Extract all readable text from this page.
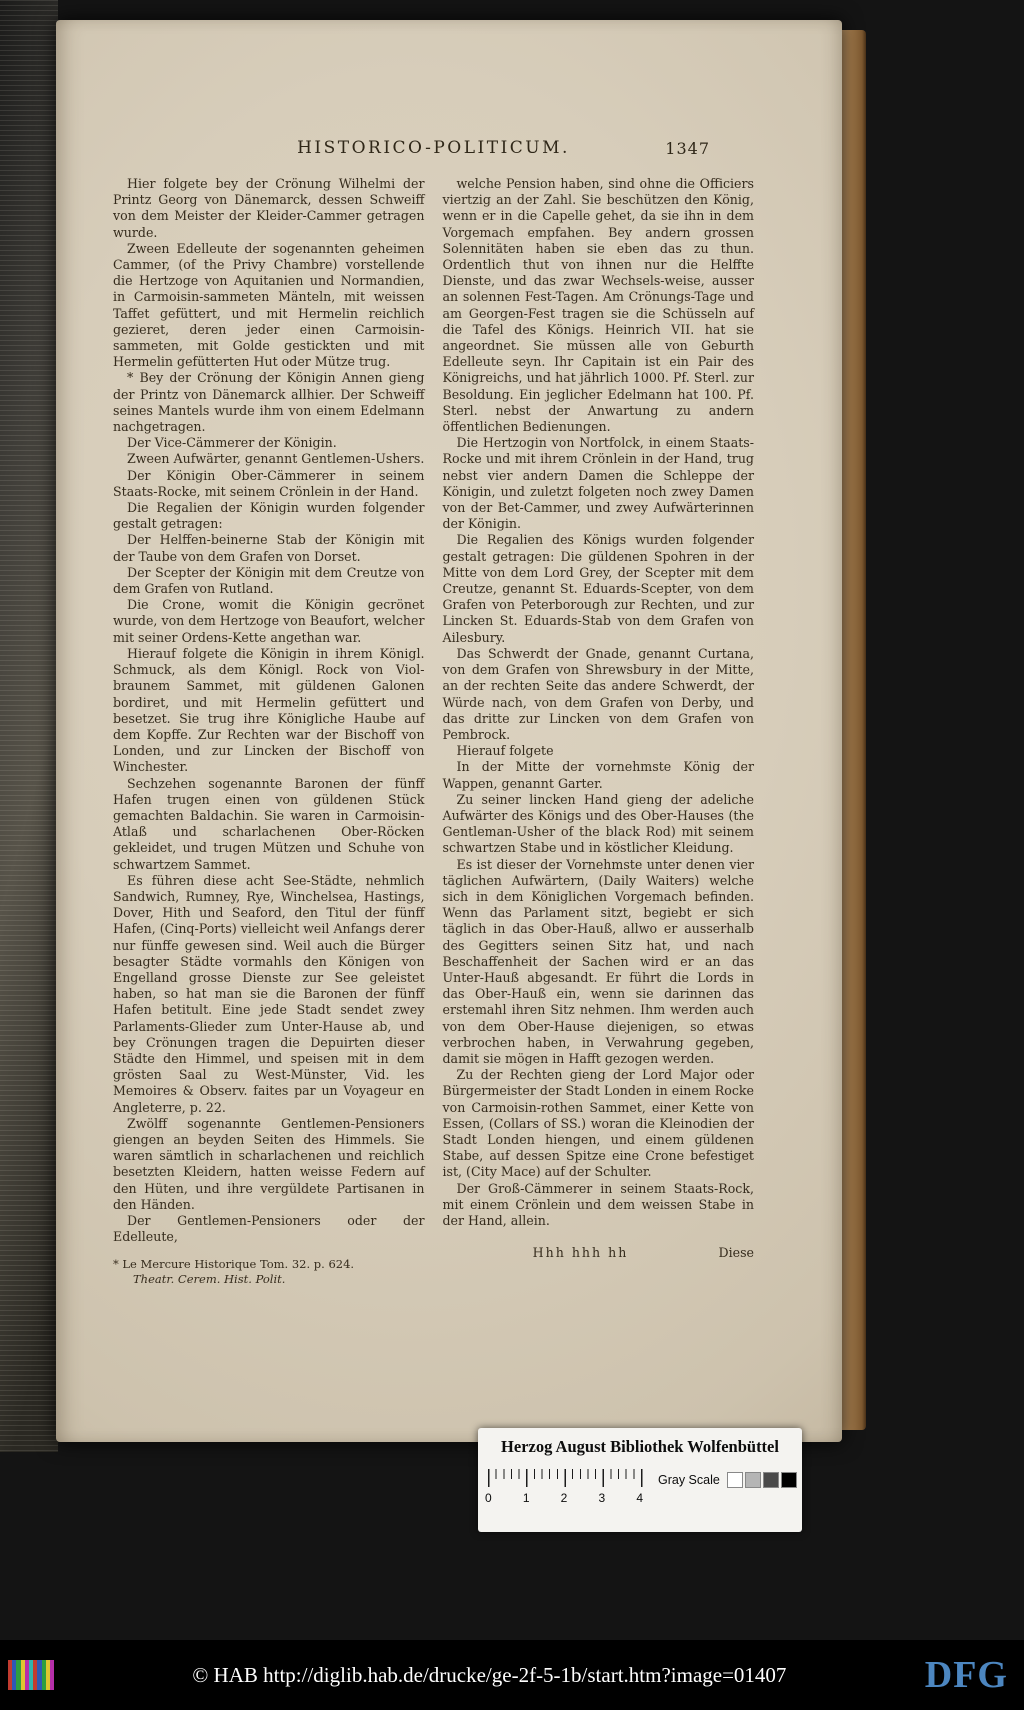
HISTORICO-POLITICUM.	1347

Hier folgete bey der Crönung Wilhelmi der Printz Georg von Dänemarck, dessen Schweiff von dem Meister der Kleider-Cammer getragen wurde.

Zween Edelleute der sogenannten geheimen Cammer, (of the Privy Chambre) vorstellende die Hertzoge von Aquitanien und Normandien, in Carmoisin-sammeten Mänteln, mit weissen Taffet gefüttert, und mit Hermelin reichlich gezieret, deren jeder einen Carmoisin-sammeten, mit Golde gestickten und mit Hermelin gefütterten Hut oder Mütze trug.

* Bey der Crönung der Königin Annen gieng der Printz von Dänemarck allhier. Der Schweiff seines Mantels wurde ihm von einem Edelmann nachgetragen.

Der Vice-Cämmerer der Königin.

Zween Aufwärter, genannt Gentlemen-Ushers.

Der Königin Ober-Cämmerer in seinem Staats-Rocke, mit seinem Crönlein in der Hand.

Die Regalien der Königin wurden folgender gestalt getragen:

Der Helffen-beinerne Stab der Königin mit der Taube von dem Grafen von Dorset.

Der Scepter der Königin mit dem Creutze von dem Grafen von Rutland.

Die Crone, womit die Königin gecrönet wurde, von dem Hertzoge von Beaufort, welcher mit seiner Ordens-Kette angethan war.

Hierauf folgete die Königin in ihrem Königl. Schmuck, als dem Königl. Rock von Viol-braunem Sammet, mit güldenen Galonen bordiret, und mit Hermelin gefüttert und besetzet. Sie trug ihre Königliche Haube auf dem Kopffe. Zur Rechten war der Bischoff von Londen, und zur Lincken der Bischoff von Winchester.

Sechzehen sogenannte Baronen der fünff Hafen trugen einen von güldenen Stück gemachten Baldachin. Sie waren in Carmoisin-Atlaß und scharlachenen Ober-Röcken gekleidet, und trugen Mützen und Schuhe von schwartzem Sammet.

Es führen diese acht See-Städte, nehmlich Sandwich, Rumney, Rye, Winchelsea, Hastings, Dover, Hith und Seaford, den Titul der fünff Hafen, (Cinq-Ports) vielleicht weil Anfangs derer nur fünffe gewesen sind. Weil auch die Bürger besagter Städte vormahls den Königen von Engelland grosse Dienste zur See geleistet haben, so hat man sie die Baronen der fünff Hafen betitult. Eine jede Stadt sendet zwey Parlaments-Glieder zum Unter-Hause ab, und bey Crönungen tragen die Depuirten dieser Städte den Himmel, und speisen mit in dem grösten Saal zu West-Münster, Vid. les Memoires & Observ. faites par un Voyageur en Angleterre, p. 22.

Zwölff sogenannte Gentlemen-Pensioners giengen an beyden Seiten des Himmels. Sie waren sämtlich in scharlachenen und reichlich besetzten Kleidern, hatten weisse Federn auf den Hüten, und ihre vergüldete Partisanen in den Händen.

Der Gentlemen-Pensioners oder der Edelleute,

* Le Mercure Historique Tom. 32. p. 624.

Theatr. Cerem. Hist. Polit.

welche Pension haben, sind ohne die Officiers viertzig an der Zahl. Sie beschützen den König, wenn er in die Capelle gehet, da sie ihn in dem Vorgemach empfahen. Bey andern grossen Solennitäten haben sie eben das zu thun. Ordentlich thut von ihnen nur die Helffte Dienste, und das zwar Wechsels-weise, ausser an solennen Fest-Tagen. Am Crönungs-Tage und am Georgen-Fest tragen sie die Schüsseln auf die Tafel des Königs. Heinrich VII. hat sie angeordnet. Sie müssen alle von Geburth Edelleute seyn. Ihr Capitain ist ein Pair des Königreichs, und hat jährlich 1000. Pf. Sterl. zur Besoldung. Ein jeglicher Edelmann hat 100. Pf. Sterl. nebst der Anwartung zu andern öffentlichen Bedienungen.

Die Hertzogin von Nortfolck, in einem Staats-Rocke und mit ihrem Crönlein in der Hand, trug nebst vier andern Damen die Schleppe der Königin, und zuletzt folgeten noch zwey Damen von der Bet-Cammer, und zwey Aufwärterinnen der Königin.

Die Regalien des Königs wurden folgender gestalt getragen: Die güldenen Spohren in der Mitte von dem Lord Grey, der Scepter mit dem Creutze, genannt St. Eduards-Scepter, von dem Grafen von Peterborough zur Rechten, und zur Lincken St. Eduards-Stab von dem Grafen von Ailesbury.

Das Schwerdt der Gnade, genannt Curtana, von dem Grafen von Shrewsbury in der Mitte, an der rechten Seite das andere Schwerdt, der Würde nach, von dem Grafen von Derby, und das dritte zur Lincken von dem Grafen von Pembrock.

Hierauf folgete

In der Mitte der vornehmste König der Wappen, genannt Garter.

Zu seiner lincken Hand gieng der adeliche Aufwärter des Königs und des Ober-Hauses (the Gentleman-Usher of the black Rod) mit seinem schwartzen Stabe und in köstlicher Kleidung.

Es ist dieser der Vornehmste unter denen vier täglichen Aufwärtern, (Daily Waiters) welche sich in dem Königlichen Vorgemach befinden. Wenn das Parlament sitzt, begiebt er sich täglich in das Ober-Hauß, allwo er ausserhalb des Gegitters seinen Sitz hat, und nach Beschaffenheit der Sachen wird er an das Unter-Hauß abgesandt. Er führt die Lords in das Ober-Hauß ein, wenn sie darinnen das erstemahl ihren Sitz nehmen. Ihm werden auch von dem Ober-Hause diejenigen, so etwas verbrochen haben, in Verwahrung gegeben, damit sie mögen in Hafft gezogen werden.

Zu der Rechten gieng der Lord Major oder Bürgermeister der Stadt Londen in einem Rocke von Carmoisin-rothen Sammet, einer Kette von Essen, (Collars of SS.) woran die Kleinodien der Stadt Londen hiengen, und einem güldenen Stabe, auf dessen Spitze eine Crone befestiget ist, (City Mace) auf der Schulter.

Der Groß-Cämmerer in seinem Staats-Rock, mit einem Crönlein und dem weissen Stabe in der Hand, allein.

Hhh hhh hh	Diese
Herzog August Bibliothek Wolfenbüttel
0	1	2	3	4
Gray Scale
© HAB http://diglib.hab.de/drucke/ge-2f-5-1b/start.htm?image=01407	DFG
